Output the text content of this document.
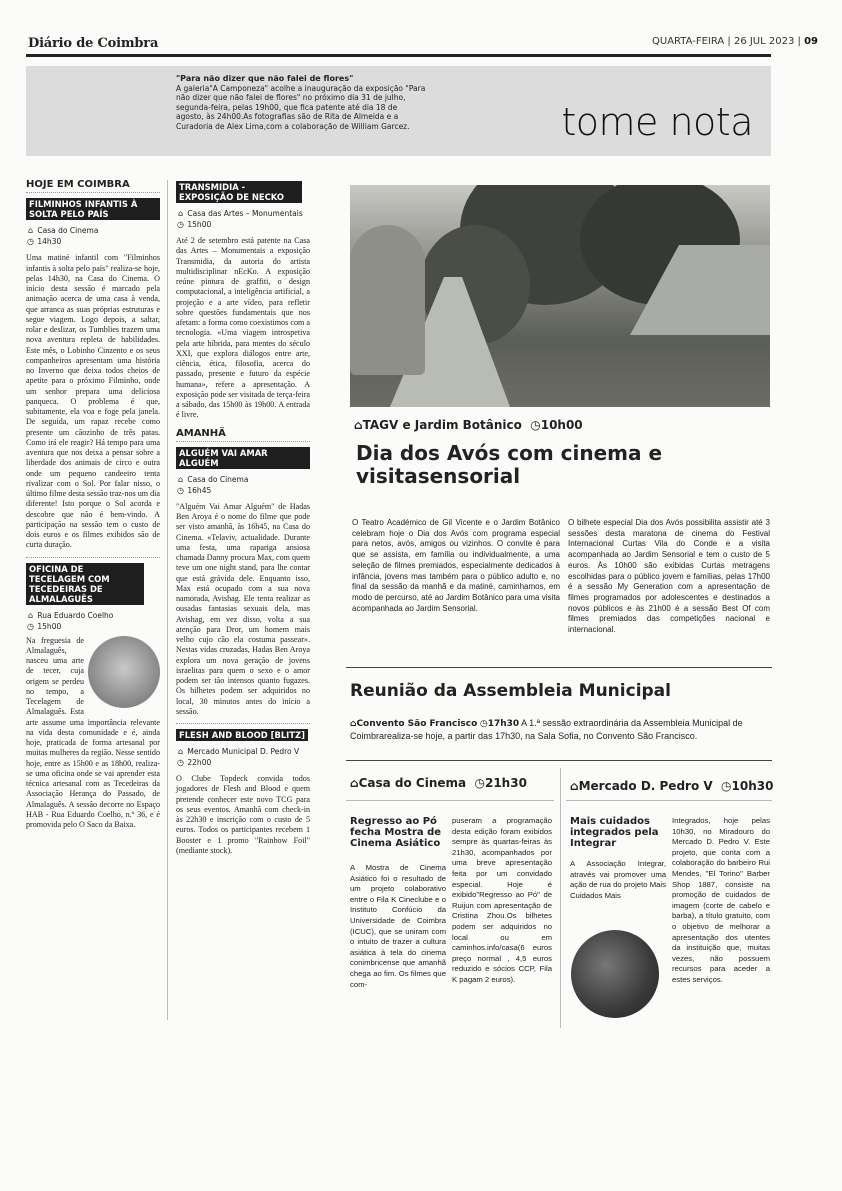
Diário de Coimbra	QUARTA-FEIRA | 26 JUL 2023 | 09
"Para não dizer que não falei de flores"
A galeria"A Camponeza" acolhe a inauguração da exposição "Para não dizer que não falei de flores" no próximo dia 31 de julho, segunda-feira, pelas 19h00, que fica patente até dia 18 de agosto, às 24h00.As fotografias são de Rita de Almeida e a Curadoria de Alex Lima,com a colaboração de William Garcez.	tome nota
HOJE EM COIMBRA
FILMINHOS INFANTIS À SOLTA PELO PAÍS
⌂ Casa do Cinema
◷ 14h30

Uma matiné infantil com "Filminhos infantis à solta pelo país" realiza-se hoje, pelas 14h30, na Casa do Cinema. O início desta sessão é marcado pela animação acerca de uma casa à venda, que arranca as suas próprias estruturas e segue viagem. Logo depois, a saltar, rolar e deslizar, os Tumblies trazem uma nova aventura repleta de habilidades. Este mês, o Lobinho Cinzento e os seus companheiros apresentam uma história no Inverno que deixa todos cheios de apetite para o próximo Filminho, onde um senhor prepara uma deliciosa panqueca. O problema é que, subitamente, ela voa e foge pela janela. De seguida, um rapaz recebe como presente um cãozinho de três patas. Como irá ele reagir? Há tempo para uma aventura que nos deixa a pensar sobre a liberdade dos animais de circo e outra onde um pequeno candeeiro tenta rivalizar com o Sol. Por falar nisso, o último filme desta sessão traz-nos um dia diferente! Isto porque o Sol acorda e descobre que não é bem-vindo. A participação na sessão tem o custo de dois euros e os filmes exibidos são de curta duração.

OFICINA DE TECELAGEM COM TECEDEIRAS DE ALMALAGUÊS
⌂ Rua Eduardo Coelho
◷ 15h00

Na freguesia de Almalaguês, nasceu uma arte de tecer, cuja origem se perdeu no tempo, a Tecelagem de Almalaguês. Esta arte assume uma importância relevante na vida desta comunidade e é, ainda hoje, praticada de forma artesanal por muitas mulheres da região. Nesse sentido hoje, entre as 15h00 e as 18h00, realiza-se uma oficina onde se vai aprender esta técnica artesanal com as Tecedeiras da Associação Herança do Passado, de Almalaguês. A sessão decorre no Espaço HAB - Rua Eduardo Coelho, n.º 36, e é promovida pelo O Saco da Baixa.

TRANSMIDIA - EXPOSIÇÃO DE NECKO
⌂ Casa das Artes – Monumentais
◷ 15h00

Até 2 de setembro está patente na Casa das Artes – Monumentais a exposição Transmidia, da autoria do artista multidisciplinar nEcKo. A exposição reúne pintura de graffiti, o design computacional, a inteligência artificial, a projeção e a arte vídeo, para refletir sobre questões fundamentais que nos afetam: a forma como coexistimos com a tecnologia. «Uma viagem introspetiva pela arte híbrida, para mentes do século XXI, que explora diálogos entre arte, ciência, ética, filosofia, acerca do passado, presente e futuro da espécie humana», refere a apresentação. A exposição pode ser visitada de terça-feira a sábado, das 15h00 às 19h00. A entrada é livre.

AMANHÃ
ALGUÉM VAI AMAR ALGUÉM
⌂ Casa do Cinema
◷ 16h45

"Alguém Vai Amar Alguém" de Hadas Ben Aroya é o nome do filme que pode ser visto amanhã, às 16h45, na Casa do Cinema. «Telaviv, actualidade. Durante uma festa, uma rapariga ansiosa chamada Danny procura Max, com quem teve um one night stand, para lhe contar que está grávida dele. Enquanto isso, Max está ocupado com a sua nova namorada, Avishag. Ele tenta realizar as ousadas fantasias sexuais dela, mas Avishag, em vez disso, volta a sua atenção para Dror, um homem mais velho cujo cão ela costuma passear». Nestas vidas cruzadas, Hadas Ben Aroya explora um nova geração de jovens israelitas para quem o sexo e o amor podem ser tão intensos quanto fugazes. Os bilhetes podem ser adquiridos no local, 30 minutos antes do início a sessão.

FLESH AND BLOOD [BLITZ]
⌂ Mercado Municipal D. Pedro V
◷ 22h00

O Clube Topdeck convida todos jogadores de Flesh and Blood e quem pretende conhecer este novo TCG para os seus eventos. Amanhã com check-in às 22h30 e inscrição com o custo de 5 euros. Todos os participantes recebem 1 Booster e 1 promo "Rainbow Foil" (mediante stock).

⌂TAGV e Jardim Botânico ◷10h00
Dia dos Avós com cinema e visitasensorial

O Teatro Académico de Gil Vicente e o Jardim Botânico celebram hoje o Dia dos Avós com programa especial para netos, avós, amigos ou vizinhos. O convite é para que se assista, em família ou individualmente, a uma seleção de filmes premiados, especialmente dedicados à infância, jovens mas também para o público adulto e, no final da sessão da manhã e da matiné, caminhamos, em modo de percurso, até ao Jardim Botânico para uma visita acompanhada ao Jardim Sensorial.

O bilhete especial Dia dos Avós possibilita assistir até 3 sessões desta maratona de cinema do Festival Internacional Curtas Vila do Conde e a visita acompanhada ao Jardim Sensorial e tem o custo de 5 euros. Às 10h00 são exibidas Curtas metragens escolhidas para o público jovem e famílias, pelas 17h00 é a sessão My Generation com a apresentação de filmes programados por adolescentes e destinados a novos públicos e às 21h00 é a sessão Best Of com filmes premiados das competições nacional e internacional.

Reunião da Assembleia Municipal
⌂Convento São Francisco ◷17h30 A 1.ª sessão extraordinária da Assembleia Municipal de Coimbrarealiza-se hoje, a partir das 17h30, na Sala Sofia, no Convento São Francisco.
⌂Casa do Cinema ◷21h30
Regresso ao Pó fecha Mostra de Cinema Asiático

A Mostra de Cinema Asiático foi o resultado de um projeto colaborativo entre o Fila K Cineclube e o Instituto Confúcio da Universidade de Coimbra (ICUC), que se uniram com o intuito de trazer a cultura asiática à tela do cinema conimbricense que amanhã chega ao fim. Os filmes que com-

puseram a programação desta edição foram exibidos sempre às quartas-feiras às 21h30, acompanhados por uma breve apresentação feita por um convidado especial. Hoje é exibido"Regresso ao Pó" de Ruijun com apresentação de Cristina Zhou.Os bilhetes podem ser adquiridos no local ou em caminhos.info/casa(6 euros preço normal , 4,5 euros reduzido e sócios CCP, Fila K pagam 2 euros).

⌂Mercado D. Pedro V ◷10h30
Mais cuidados integrados pela Integrar

A Associação Integrar, através vai promover uma ação de rua do projeto Mais Cuidados Mais

Integrados, hoje pelas 10h30, no Miradouro do Mercado D. Pedro V. Este projeto, que conta com a colaboração do barbeiro Rui Mendes, "El Torino" Barber Shop 1887, consiste na promoção de cuidados de imagem (corte de cabelo e barba), a título gratuito, com o objetivo de melhorar a apresentação dos utentes da instituição que, muitas vezes, não possuem recursos para aceder a estes serviços.
